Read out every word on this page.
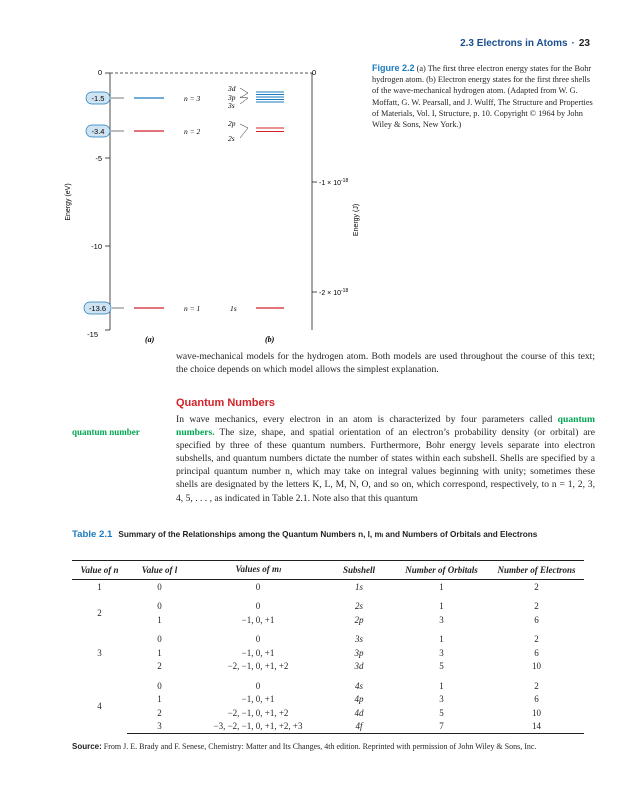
2.3 Electrons in Atoms · 23
0
-5
-10
-15
Energy (eV)
-1.5
-3.4
-13.6
n = 3
n = 2
n = 1
3d
3p
3s
2p
2s
1s
0
$-1 \times 10^{-18}$
$-2 \times 10^{-18}$
Energy (J)
(a)	(b)
Figure 2.2 (a) The first three electron energy states for the Bohr hydrogen atom. (b) Electron energy states for the first three shells of the wave-mechanical hydrogen atom. (Adapted from W. G. Moffatt, G. W. Pearsall, and J. Wulff, The Structure and Properties of Materials, Vol. I, Structure, p. 10. Copyright © 1964 by John Wiley & Sons, New York.)
wave-mechanical models for the hydrogen atom. Both models are used throughout the course of this text; the choice depends on which model allows the simplest explanation.
Quantum Numbers
quantum number
In wave mechanics, every electron in an atom is characterized by four parameters called quantum numbers. The size, shape, and spatial orientation of an electron’s probability density (or orbital) are specified by three of these quantum numbers. Furthermore, Bohr energy levels separate into electron subshells, and quantum numbers dictate the number of states within each subshell. Shells are specified by a principal quantum number n, which may take on integral values beginning with unity; sometimes these shells are designated by the letters K, L, M, N, O, and so on, which correspond, respectively, to n = 1, 2, 3, 4, 5, . . . , as indicated in Table 2.1. Note also that this quantum
Table 2.1 Summary of the Relationships among the Quantum Numbers n, l, mₗ and Numbers of Orbitals and Electrons
Value of n	Value of l	Values of mₗ	Subshell	Number of Orbitals	Number of Electrons
1	0	0	1s	1	2

2	0	0	2s	1	2
	1	−1, 0, +1	2p	3	6

3	0	0	3s	1	2
	1	−1, 0, +1	3p	3	6
	2	−2, −1, 0, +1, +2	3d	5	10

4	0	0	4s	1	2
	1	−1, 0, +1	4p	3	6
	2	−2, −1, 0, +1, +2	4d	5	10
	3	−3, −2, −1, 0, +1, +2, +3	4f	7	14
Source: From J. E. Brady and F. Senese, Chemistry: Matter and Its Changes, 4th edition. Reprinted with permission of John Wiley & Sons, Inc.
